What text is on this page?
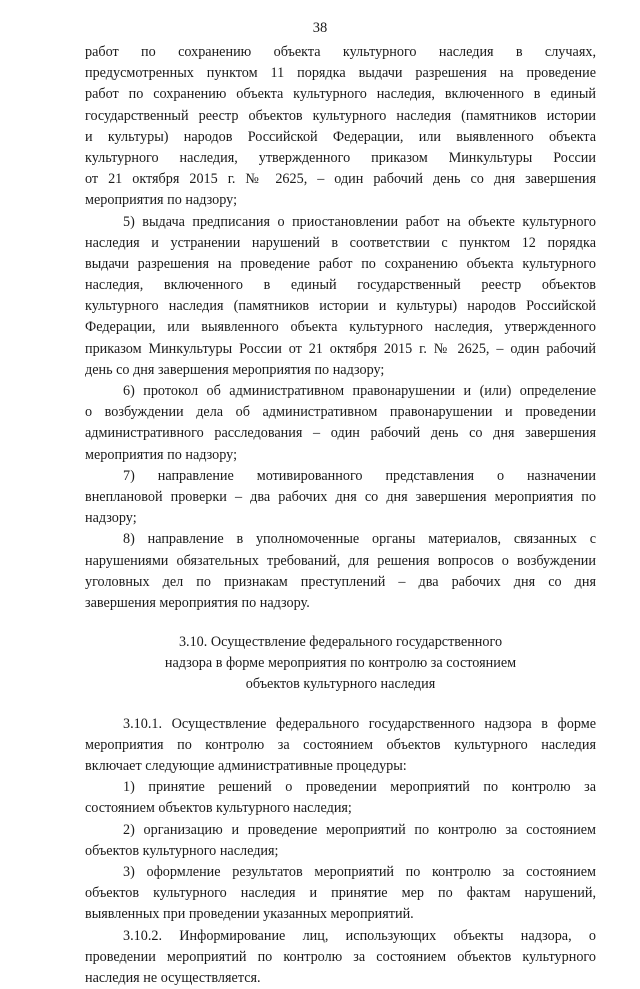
38
работ по сохранению объекта культурного наследия в случаях,
предусмотренных пунктом 11 порядка выдачи разрешения на проведение
работ по сохранению объекта культурного наследия, включенного в единый
государственный реестр объектов культурного наследия (памятников истории
и культуры) народов Российской Федерации, или выявленного объекта
культурного наследия, утвержденного приказом Минкультуры России
от 21 октября 2015 г. № 2625, – один рабочий день со дня завершения
мероприятия по надзору;
5) выдача предписания о приостановлении работ на объекте культурного
наследия и устранении нарушений в соответствии с пунктом 12 порядка
выдачи разрешения на проведение работ по сохранению объекта культурного
наследия, включенного в единый государственный реестр объектов
культурного наследия (памятников истории и культуры) народов Российской
Федерации, или выявленного объекта культурного наследия, утвержденного
приказом Минкультуры России от 21 октября 2015 г. № 2625, – один рабочий
день со дня завершения мероприятия по надзору;
6) протокол об административном правонарушении и (или) определение
о возбуждении дела об административном правонарушении и проведении
административного расследования – один рабочий день со дня завершения
мероприятия по надзору;
7) направление мотивированного представления о назначении
внеплановой проверки – два рабочих дня со дня завершения мероприятия по
надзору;
8) направление в уполномоченные органы материалов, связанных с
нарушениями обязательных требований, для решения вопросов о возбуждении
уголовных дел по признакам преступлений – два рабочих дня со дня
завершения мероприятия по надзору.
3.10. Осуществление федерального государственного
надзора в форме мероприятия по контролю за состоянием
объектов культурного наследия
3.10.1. Осуществление федерального государственного надзора в форме
мероприятия по контролю за состоянием объектов культурного наследия
включает следующие административные процедуры:
1) принятие решений о проведении мероприятий по контролю за
состоянием объектов культурного наследия;
2) организацию и проведение мероприятий по контролю за состоянием
объектов культурного наследия;
3) оформление результатов мероприятий по контролю за состоянием
объектов культурного наследия и принятие мер по фактам нарушений,
выявленных при проведении указанных мероприятий.
3.10.2. Информирование лиц, использующих объекты надзора, о
проведении мероприятий по контролю за состоянием объектов культурного
наследия не осуществляется.
